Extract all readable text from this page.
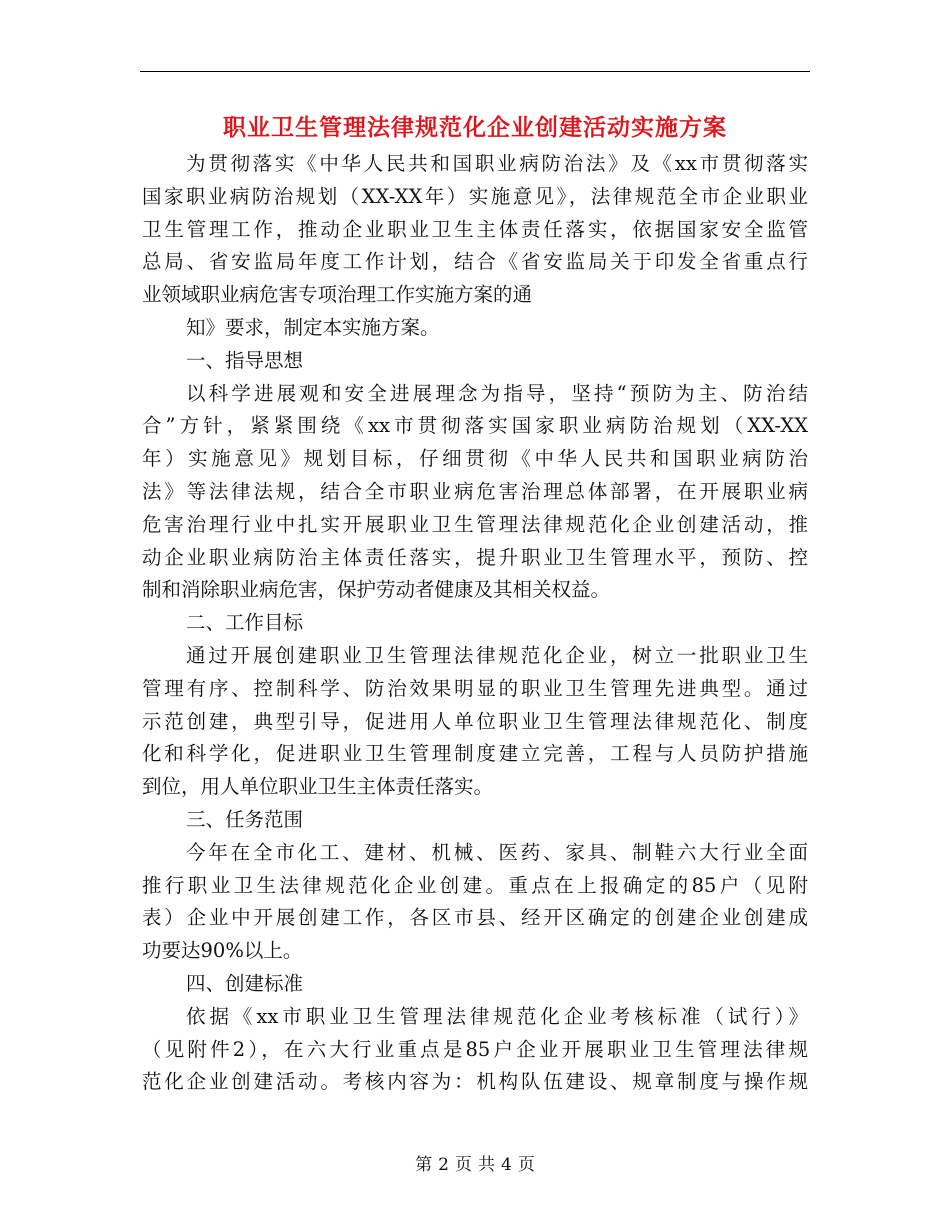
职业卫生管理法律规范化企业创建活动实施方案
为贯彻落实《中华人民共和国职业病防治法》及《xx市贯彻落实
国家职业病防治规划（XX-XX年）实施意见》，法律规范全市企业职业
卫生管理工作，推动企业职业卫生主体责任落实，依据国家安全监管
总局、省安监局年度工作计划，结合《省安监局关于印发全省重点行
业领域职业病危害专项治理工作实施方案的通
知》要求，制定本实施方案。
一、指导思想
以科学进展观和安全进展理念为指导，坚持“预防为主、防治结
合”方针，紧紧围绕《xx市贯彻落实国家职业病防治规划（XX-XX
年）实施意见》规划目标，仔细贯彻《中华人民共和国职业病防治
法》等法律法规，结合全市职业病危害治理总体部署，在开展职业病
危害治理行业中扎实开展职业卫生管理法律规范化企业创建活动，推
动企业职业病防治主体责任落实，提升职业卫生管理水平，预防、控
制和消除职业病危害，保护劳动者健康及其相关权益。
二、工作目标
通过开展创建职业卫生管理法律规范化企业，树立一批职业卫生
管理有序、控制科学、防治效果明显的职业卫生管理先进典型。通过
示范创建，典型引导，促进用人单位职业卫生管理法律规范化、制度
化和科学化，促进职业卫生管理制度建立完善，工程与人员防护措施
到位，用人单位职业卫生主体责任落实。
三、任务范围
今年在全市化工、建材、机械、医药、家具、制鞋六大行业全面
推行职业卫生法律规范化企业创建。重点在上报确定的85户（见附
表）企业中开展创建工作，各区市县、经开区确定的创建企业创建成
功要达90%以上。
四、创建标准
依据《xx市职业卫生管理法律规范化企业考核标准（试行）》
（见附件2），在六大行业重点是85户企业开展职业卫生管理法律规
范化企业创建活动。考核内容为：机构队伍建设、规章制度与操作规
第 2 页 共 4 页
